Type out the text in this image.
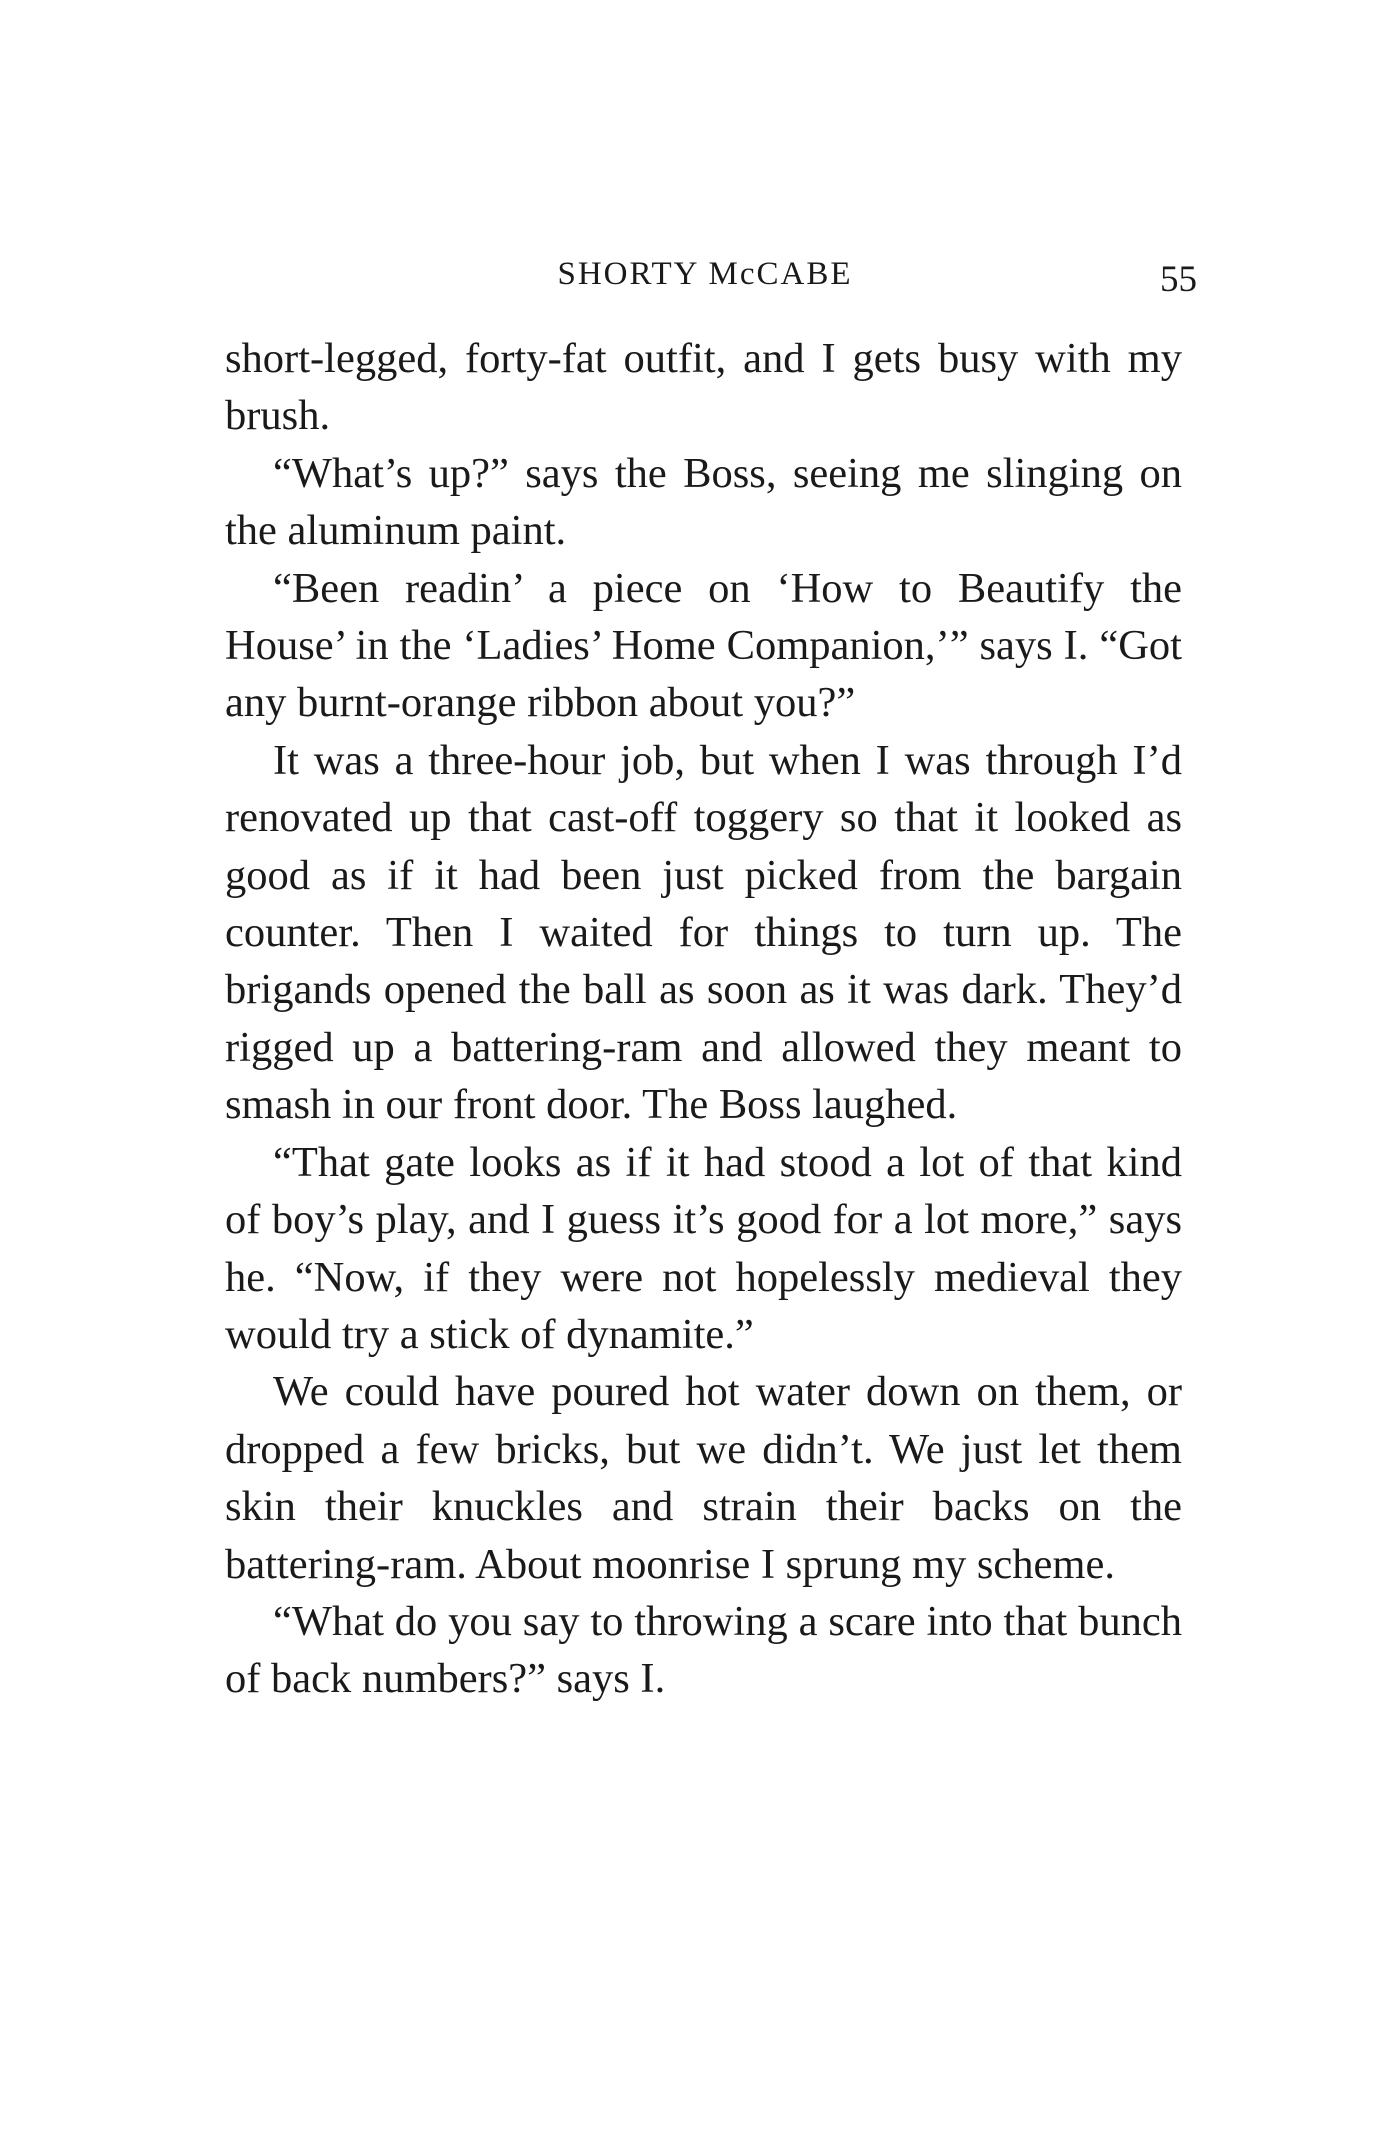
SHORTY McCABE	55

short-legged, forty-fat outfit, and I gets busy with my brush.

“What’s up?” says the Boss, seeing me slinging on the aluminum paint.

“Been readin’ a piece on ‘How to Beautify the House’ in the ‘Ladies’ Home Companion,’” says I. “Got any burnt-orange ribbon about you?”

It was a three-hour job, but when I was through I’d renovated up that cast-off toggery so that it looked as good as if it had been just picked from the bargain counter. Then I waited for things to turn up. The brigands opened the ball as soon as it was dark. They’d rigged up a battering-ram and allowed they meant to smash in our front door. The Boss laughed.

“That gate looks as if it had stood a lot of that kind of boy’s play, and I guess it’s good for a lot more,” says he. “Now, if they were not hopelessly medieval they would try a stick of dynamite.”

We could have poured hot water down on them, or dropped a few bricks, but we didn’t. We just let them skin their knuckles and strain their backs on the battering-ram. About moonrise I sprung my scheme.

“What do you say to throwing a scare into that bunch of back numbers?” says I.
